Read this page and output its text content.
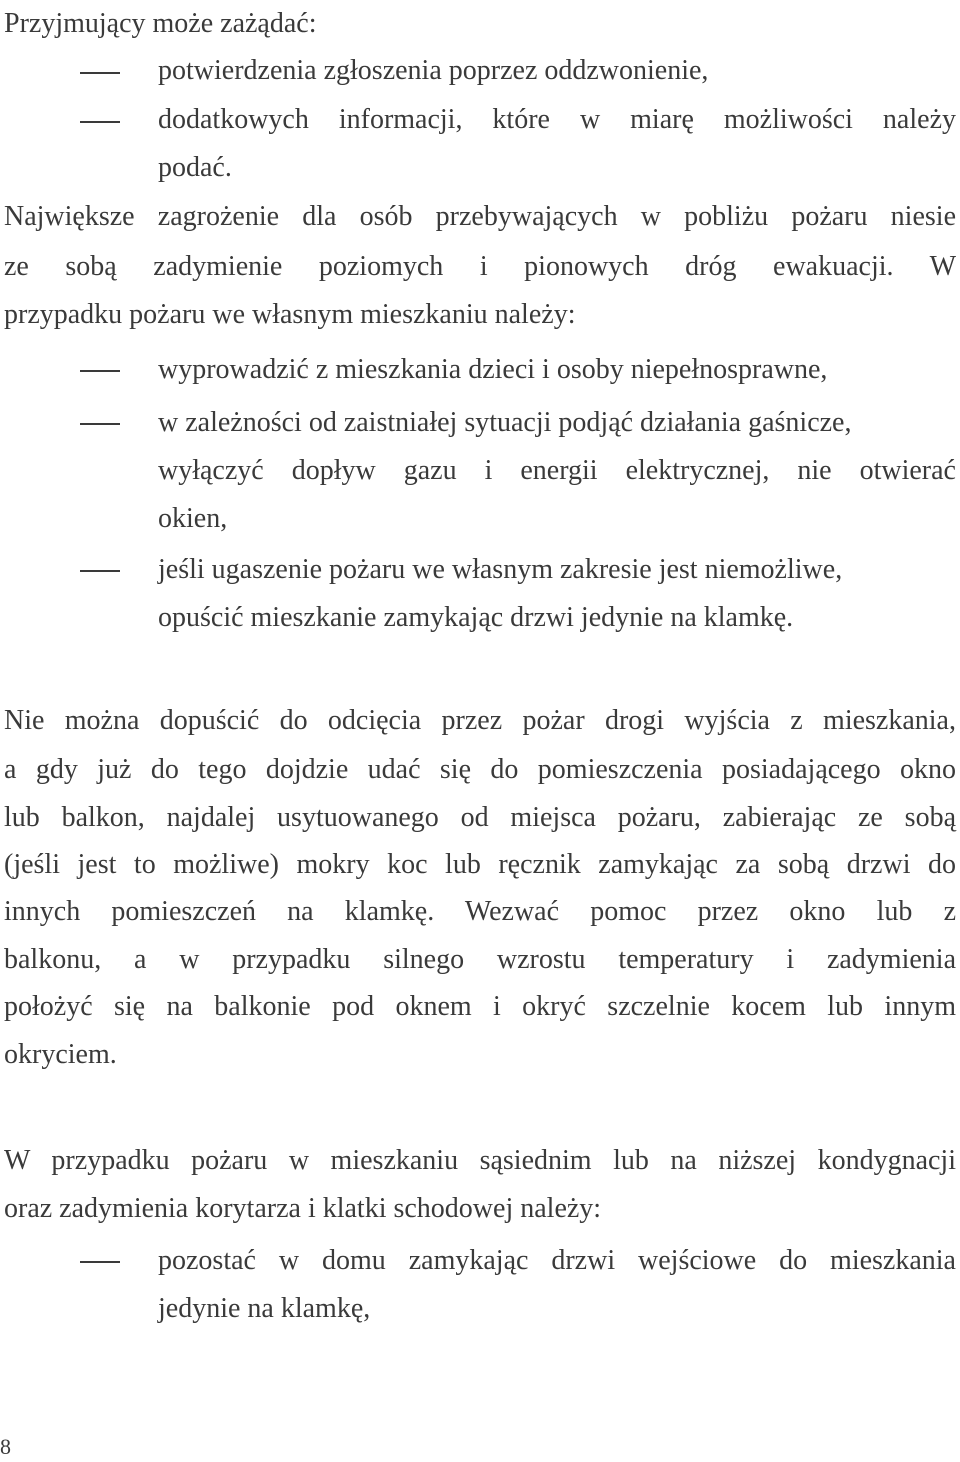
Przyjmujący może zażądać:
potwierdzenia zgłoszenia poprzez oddzwonienie,
dodatkowych informacji, które w miarę możliwości należy
podać.
Największe zagrożenie dla osób przebywających w pobliżu pożaru niesie
ze sobą zadymienie poziomych i pionowych dróg ewakuacji. W
przypadku pożaru we własnym mieszkaniu należy:
wyprowadzić z mieszkania dzieci i osoby niepełnosprawne,
w zależności od zaistniałej sytuacji podjąć działania gaśnicze,
wyłączyć dopływ gazu i energii elektrycznej, nie otwierać
okien,
jeśli ugaszenie pożaru we własnym zakresie jest niemożliwe,
opuścić mieszkanie zamykając drzwi jedynie na klamkę.
Nie można dopuścić do odcięcia przez pożar drogi wyjścia z mieszkania,
a gdy już do tego dojdzie udać się do pomieszczenia posiadającego okno
lub balkon, najdalej usytuowanego od miejsca pożaru, zabierając ze sobą
(jeśli jest to możliwe) mokry koc lub ręcznik zamykając za sobą drzwi do
innych pomieszczeń na klamkę. Wezwać pomoc przez okno lub z
balkonu, a w przypadku silnego wzrostu temperatury i zadymienia
położyć się na balkonie pod oknem i okryć szczelnie kocem lub innym
okryciem.
W przypadku pożaru w mieszkaniu sąsiednim lub na niższej kondygnacji
oraz zadymienia korytarza i klatki schodowej należy:
pozostać w domu zamykając drzwi wejściowe do mieszkania
jedynie na klamkę,
8
